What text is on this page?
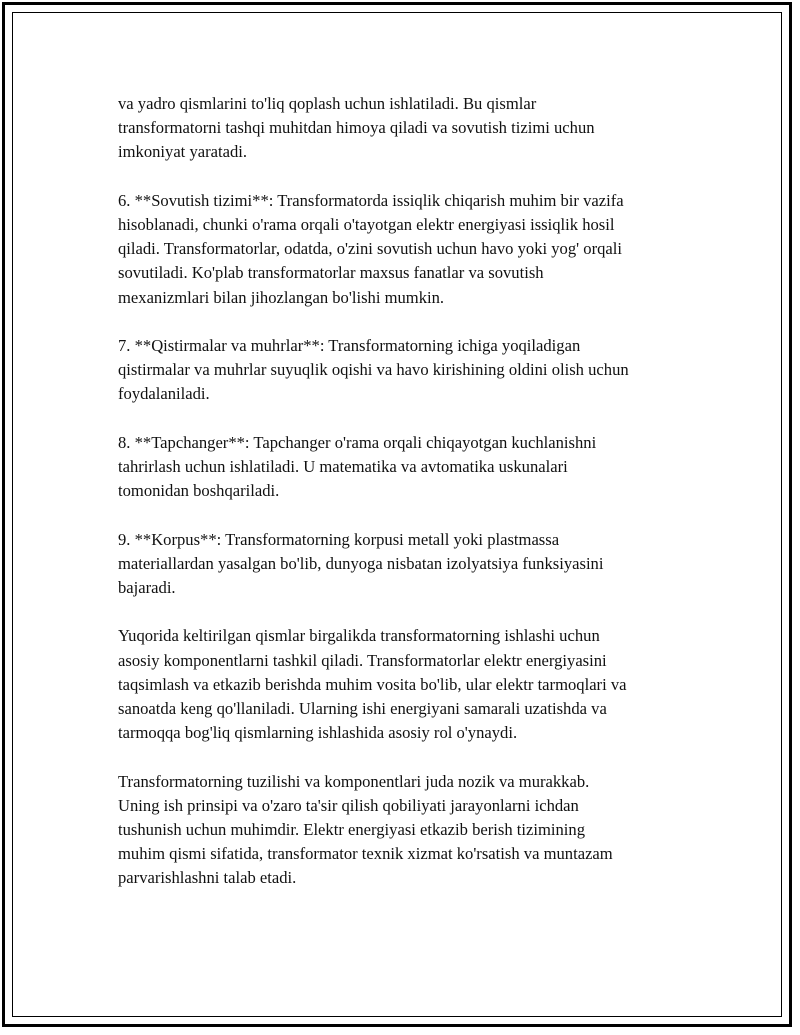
va yadro qismlarini to'liq qoplash uchun ishlatiladi. Bu qismlar
transformatorni tashqi muhitdan himoya qiladi va sovutish tizimi uchun
imkoniyat yaratadi.

6. **Sovutish tizimi**: Transformatorda issiqlik chiqarish muhim bir vazifa
hisoblanadi, chunki o'rama orqali o'tayotgan elektr energiyasi issiqlik hosil
qiladi. Transformatorlar, odatda, o'zini sovutish uchun havo yoki yog' orqali
sovutiladi. Ko'plab transformatorlar maxsus fanatlar va sovutish
mexanizmlari bilan jihozlangan bo'lishi mumkin.

7. **Qistirmalar va muhrlar**: Transformatorning ichiga yoqiladigan
qistirmalar va muhrlar suyuqlik oqishi va havo kirishining oldini olish uchun
foydalaniladi.

8. **Tapchanger**: Tapchanger o'rama orqali chiqayotgan kuchlanishni
tahrirlash uchun ishlatiladi. U matematika va avtomatika uskunalari
tomonidan boshqariladi.

9. **Korpus**: Transformatorning korpusi metall yoki plastmassa
materiallardan yasalgan bo'lib, dunyoga nisbatan izolyatsiya funksiyasini
bajaradi.

Yuqorida keltirilgan qismlar birgalikda transformatorning ishlashi uchun
asosiy komponentlarni tashkil qiladi. Transformatorlar elektr energiyasini
taqsimlash va etkazib berishda muhim vosita bo'lib, ular elektr tarmoqlari va
sanoatda keng qo'llaniladi. Ularning ishi energiyani samarali uzatishda va
tarmoqqa bog'liq qismlarning ishlashida asosiy rol o'ynaydi.

Transformatorning tuzilishi va komponentlari juda nozik va murakkab.
Uning ish prinsipi va o'zaro ta'sir qilish qobiliyati jarayonlarni ichdan
tushunish uchun muhimdir. Elektr energiyasi etkazib berish tizimining
muhim qismi sifatida, transformator texnik xizmat ko'rsatish va muntazam
parvarishlashni talab etadi.
